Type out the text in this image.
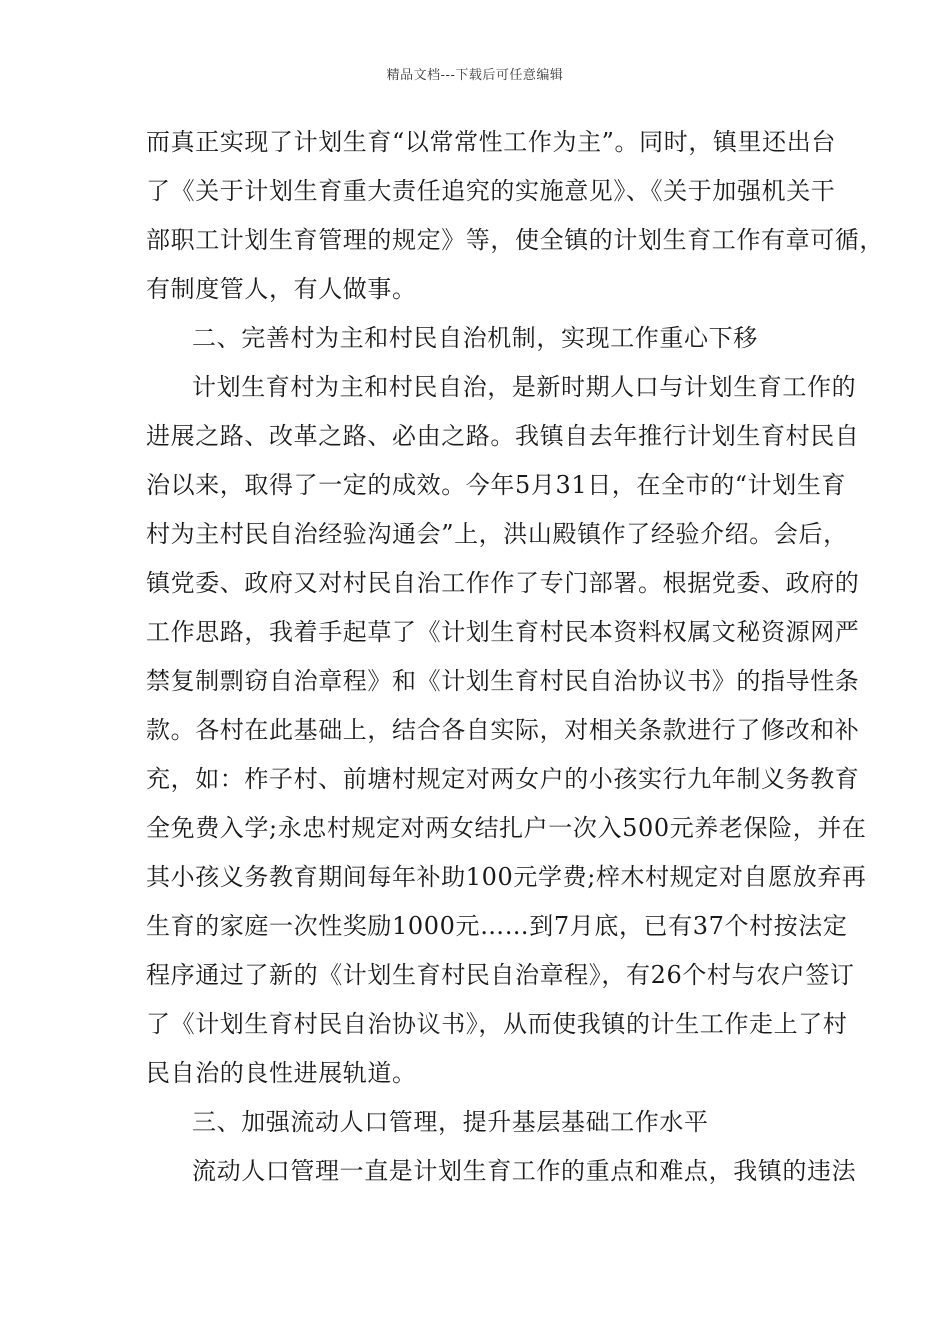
精品文档---下载后可任意编辑
而真正实现了计划生育“以常常性工作为主”。同时，镇里还出台
了《关于计划生育重大责任追究的实施意见》、《关于加强机关干
部职工计划生育管理的规定》等，使全镇的计划生育工作有章可循，
有制度管人，有人做事。
二、完善村为主和村民自治机制，实现工作重心下移
计划生育村为主和村民自治，是新时期人口与计划生育工作的
进展之路、改革之路、必由之路。我镇自去年推行计划生育村民自
治以来，取得了一定的成效。今年5月31日，在全市的“计划生育
村为主村民自治经验沟通会”上，洪山殿镇作了经验介绍。会后，
镇党委、政府又对村民自治工作作了专门部署。根据党委、政府的
工作思路，我着手起草了《计划生育村民本资料权属文秘资源网严
禁复制剽窃自治章程》和《计划生育村民自治协议书》的指导性条
款。各村在此基础上，结合各自实际，对相关条款进行了修改和补
充，如：柞子村、前塘村规定对两女户的小孩实行九年制义务教育
全免费入学;永忠村规定对两女结扎户一次入500元养老保险，并在
其小孩义务教育期间每年补助100元学费;梓木村规定对自愿放弃再
生育的家庭一次性奖励1000元……到7月底，已有37个村按法定
程序通过了新的《计划生育村民自治章程》，有26个村与农户签订
了《计划生育村民自治协议书》，从而使我镇的计生工作走上了村
民自治的良性进展轨道。
三、加强流动人口管理，提升基层基础工作水平
流动人口管理一直是计划生育工作的重点和难点，我镇的违法
